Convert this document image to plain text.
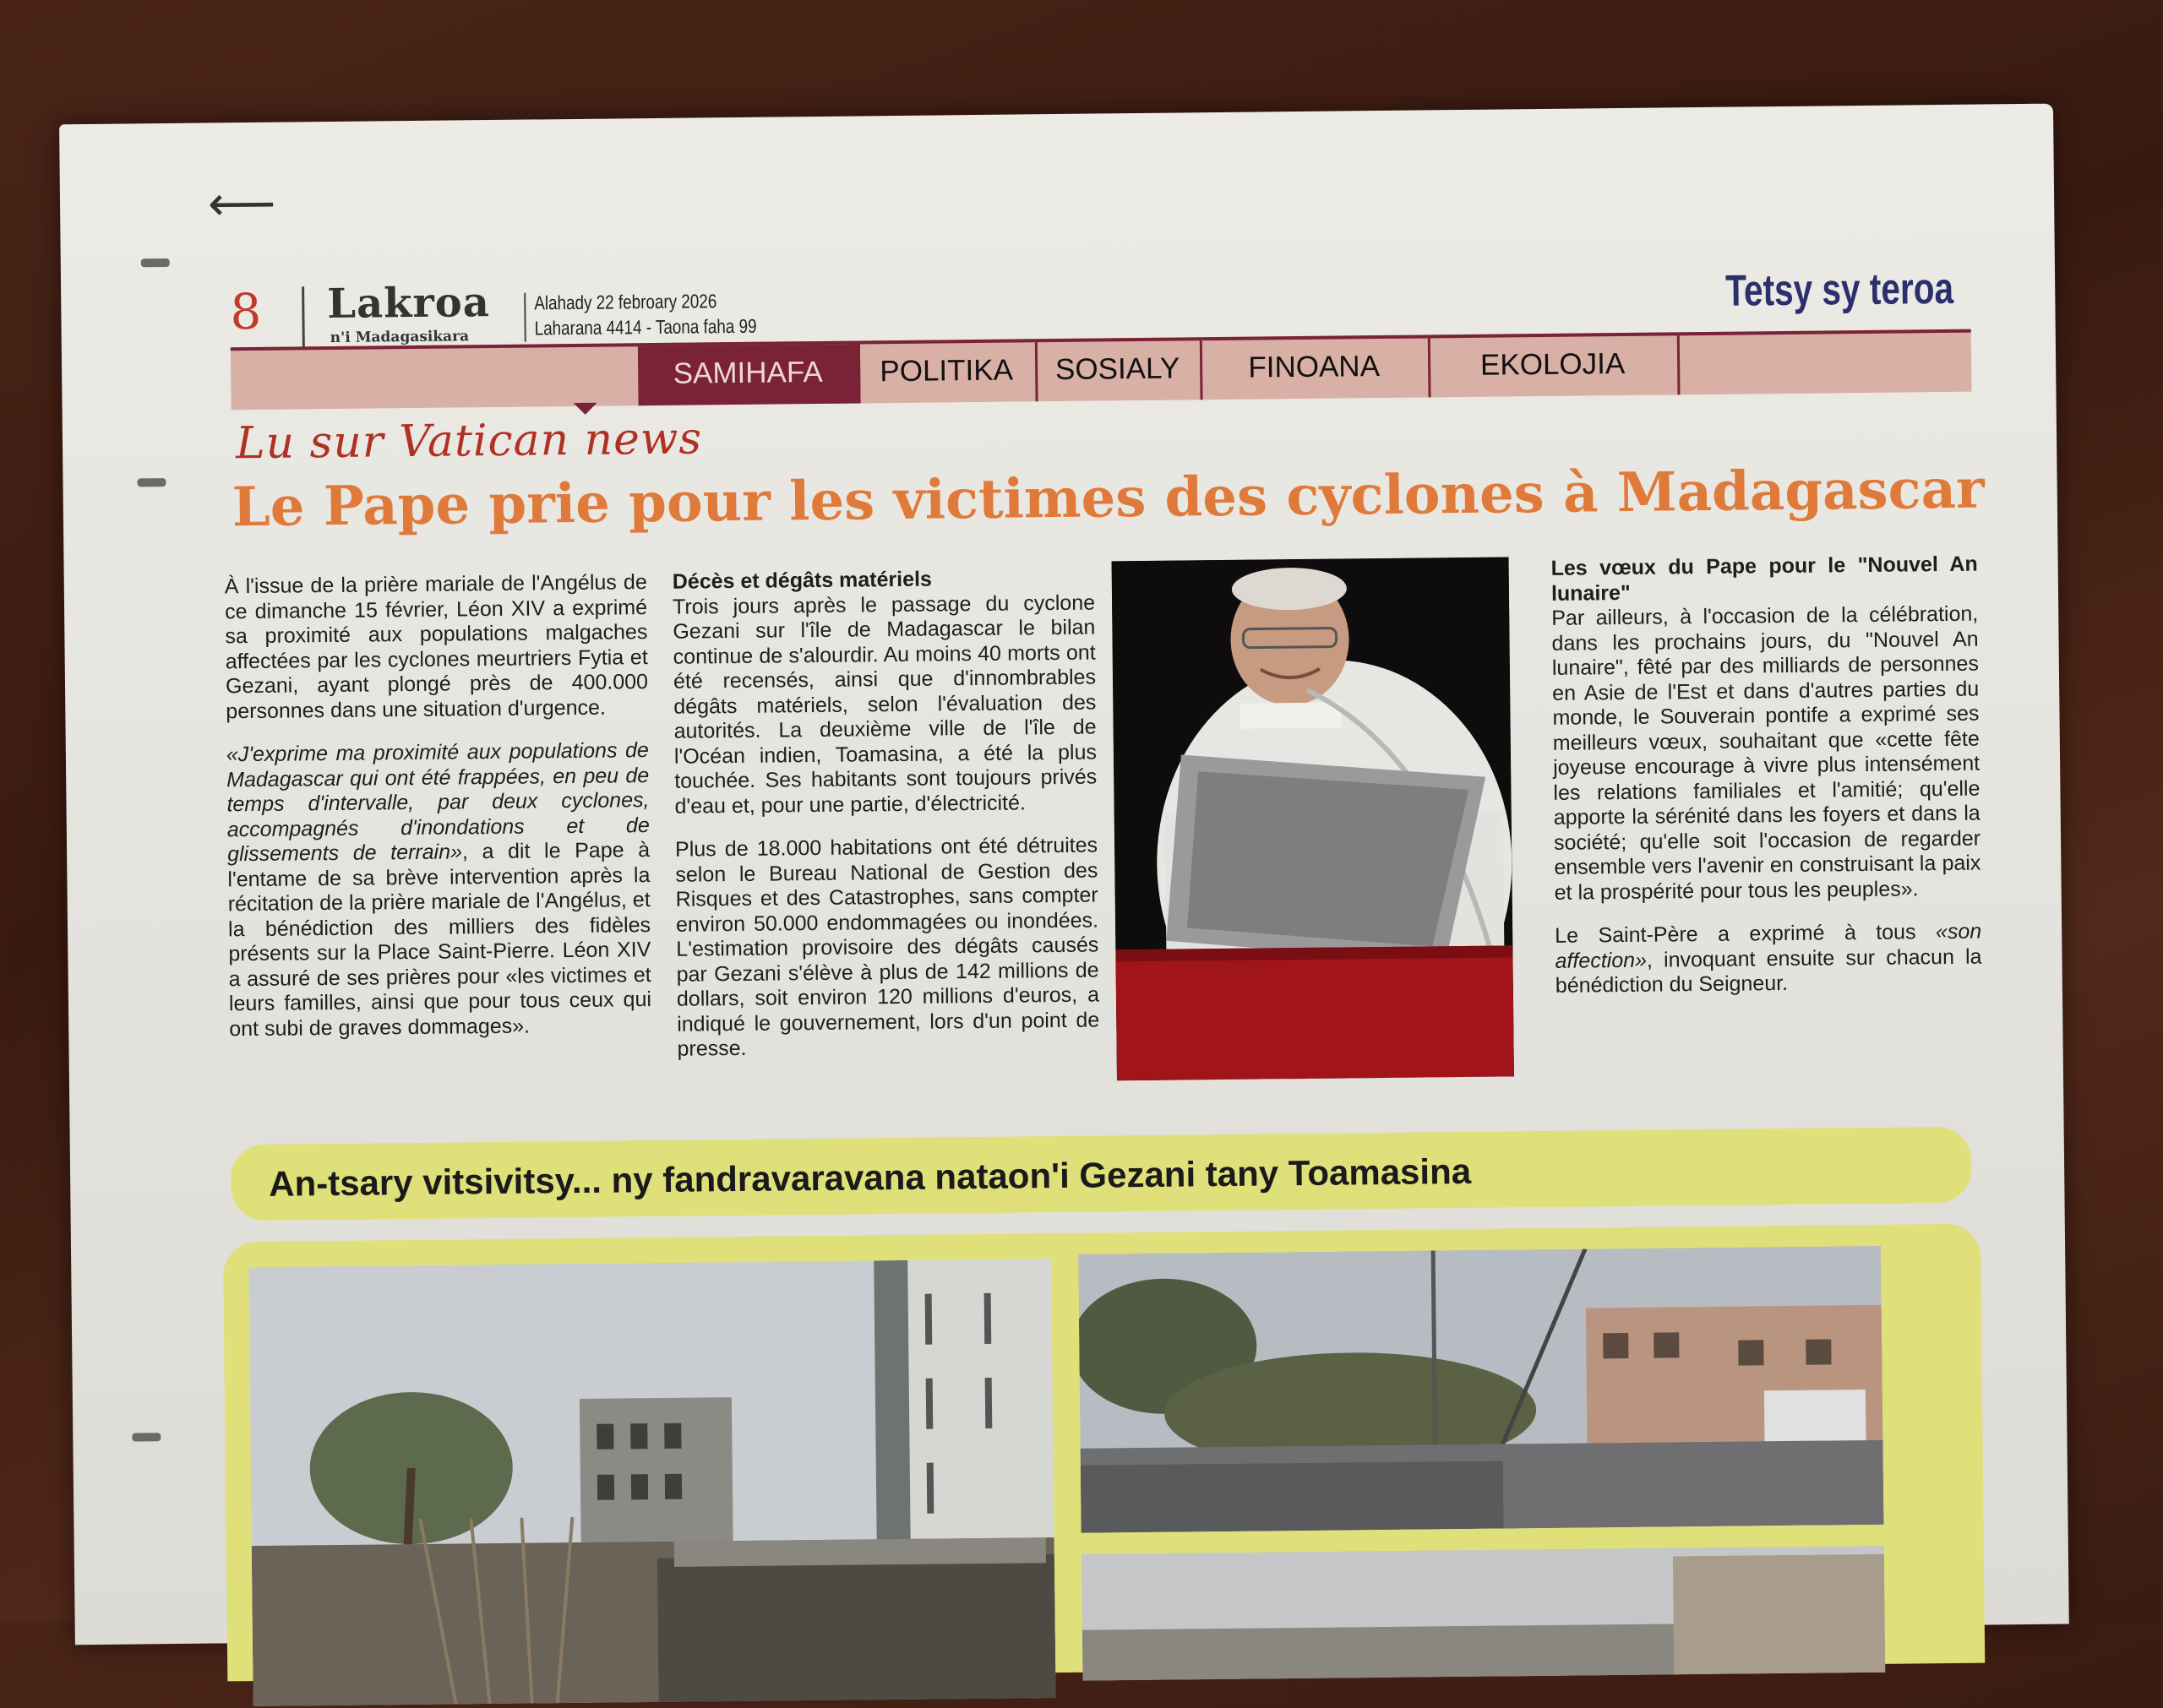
⟵
8 Lakroa
n'i Madagasikara
Alahady 22 febroary 2026
Laharana 4414 - Taona faha 99
Tetsy sy teroa
SAMIHAFA	POLITIKA	SOSIALY	FINOANA	EKOLOJIA
Lu sur Vatican news
Le Pape prie pour les victimes des cyclones à Madagascar

À l'issue de la prière mariale de l'Angélus de ce dimanche 15 février, Léon XIV a exprimé sa proximité aux populations malgaches affectées par les cyclones meurtriers Fytia et Gezani, ayant plongé près de 400.000 personnes dans une situation d'urgence.

«J'exprime ma proximité aux populations de Madagascar qui ont été frappées, en peu de temps d'intervalle, par deux cyclones, accompagnés d'inondations et de glissements de terrain», a dit le Pape à l'entame de sa brève intervention après la récitation de la prière mariale de l'Angélus, et la bénédiction des milliers des fidèles présents sur la Place Saint-Pierre. Léon XIV a assuré de ses prières pour «les victimes et leurs familles, ainsi que pour tous ceux qui ont subi de graves dommages».

Décès et dégâts matériels
Trois jours après le passage du cyclone Gezani sur l'île de Madagascar le bilan continue de s'alourdir. Au moins 40 morts ont été recensés, ainsi que d'innombrables dégâts matériels, selon l'évaluation des autorités. La deuxième ville de l'île de l'Océan indien, Toamasina, a été la plus touchée. Ses habitants sont toujours privés d'eau et, pour une partie, d'électricité.

Plus de 18.000 habitations ont été détruites selon le Bureau National de Gestion des Risques et des Catastrophes, sans compter environ 50.000 endommagées ou inondées. L'estimation provisoire des dégâts causés par Gezani s'élève à plus de 142 millions de dollars, soit environ 120 millions d'euros, a indiqué le gouvernement, lors d'un point de presse.

Les vœux du Pape pour le "Nouvel An lunaire"
Par ailleurs, à l'occasion de la célébration, dans les prochains jours, du "Nouvel An lunaire", fêté par des milliards de personnes en Asie de l'Est et dans d'autres parties du monde, le Souverain pontife a exprimé ses meilleurs vœux, souhaitant que «cette fête joyeuse encourage à vivre plus intensément les relations familiales et l'amitié; qu'elle apporte la sérénité dans les foyers et dans la société; qu'elle soit l'occasion de regarder ensemble vers l'avenir en construisant la paix et la prospérité pour tous les peuples».

Le Saint-Père a exprimé à tous «son affection», invoquant ensuite sur chacun la bénédiction du Seigneur.

An-tsary vitsivitsy... ny fandravaravana nataon'i Gezani tany Toamasina
